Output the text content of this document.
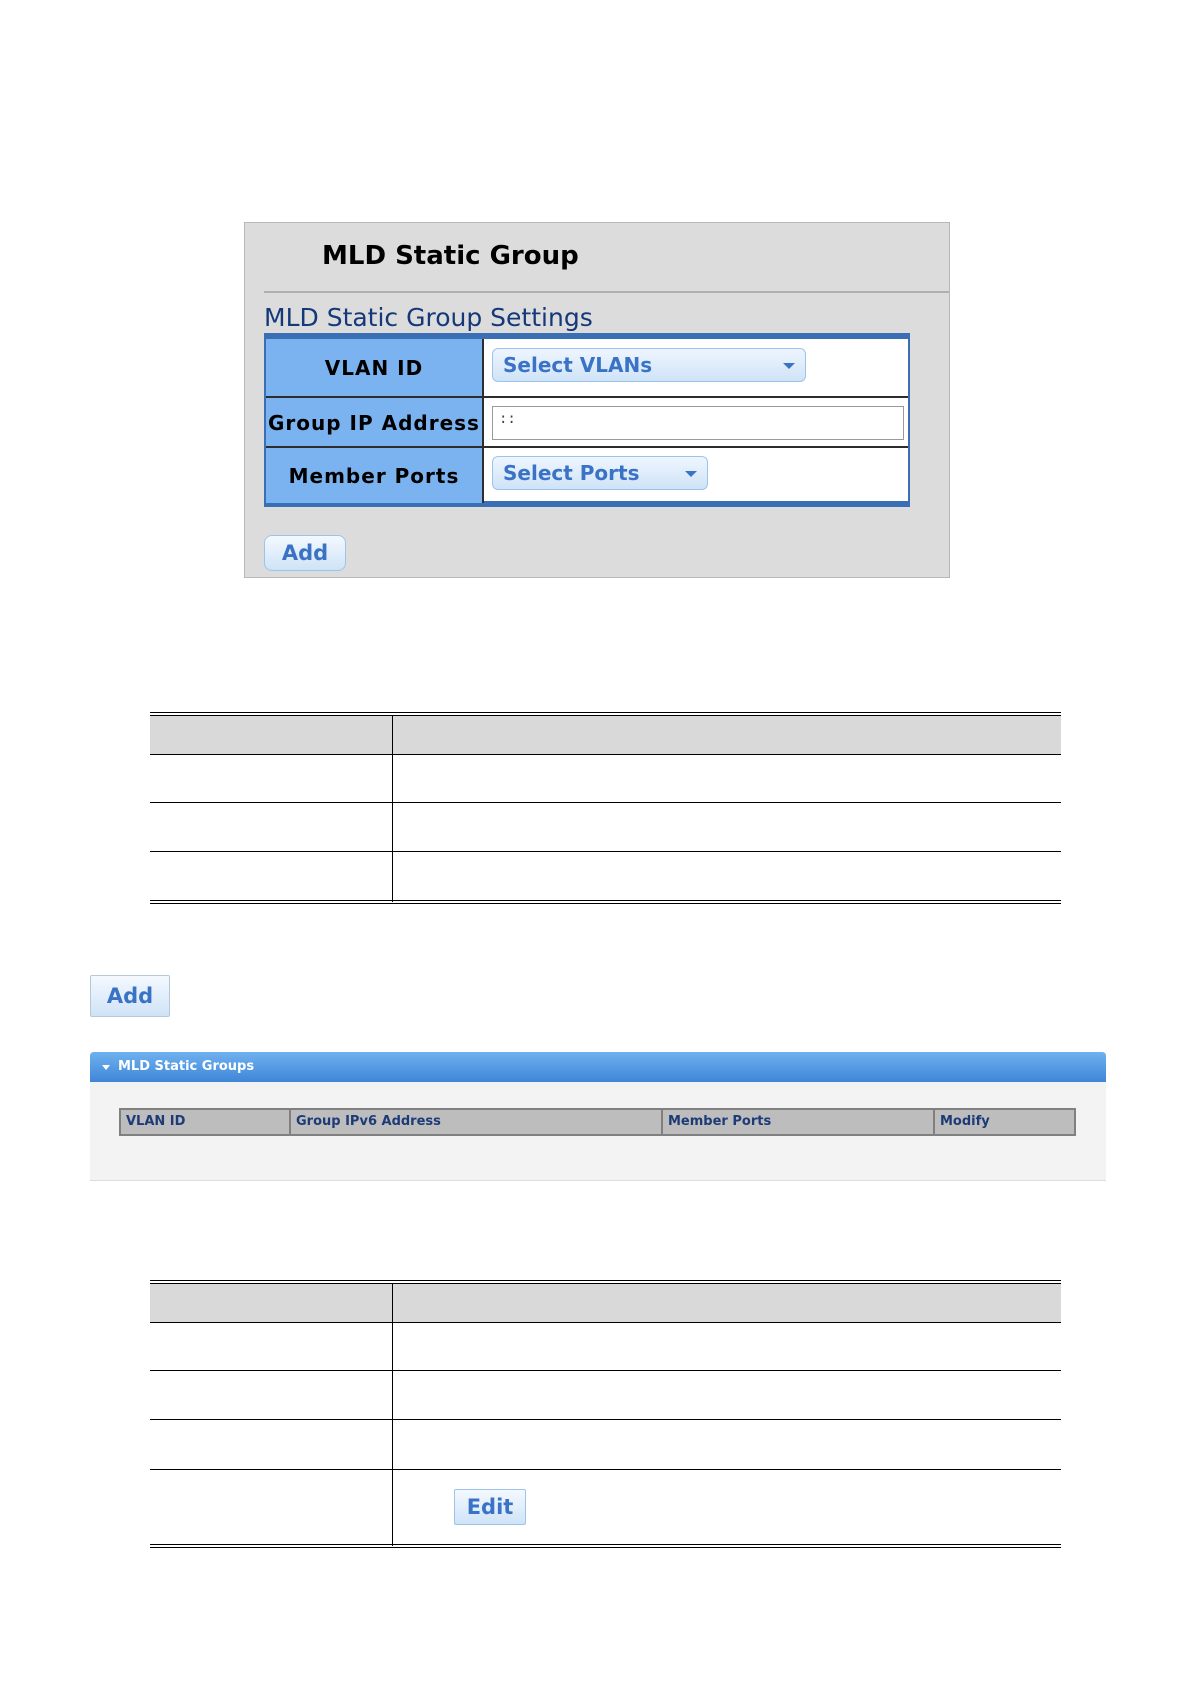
MLD Static Group
MLD Static Group Settings
VLAN ID	Select VLANs
Group IP Address	::
Member Ports	Select Ports
Add
Add
MLD Static Groups
VLAN ID	Group IPv6 Address	Member Ports	Modify
Edit
